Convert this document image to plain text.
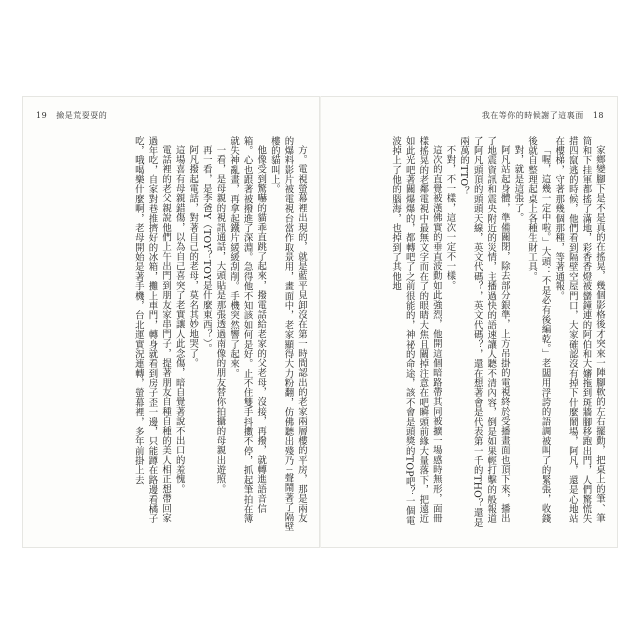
19 撿是荒耍耍的

方。電視螢幕裡出現的，就是藍平見卸沒在第一時間認出的老家兩層樓的平房，那是兩友的爆料影片被電視台當作取景用，畫面中，老家顯得大力粉翻，仿佛聽出殘乃ㄧ聲鬧著了隔壁樓的貓叫上。

他像受到驚嚇的貓乖直跳了起來，撥電話給老家的父老母，沒接，再撥，就轉進語音信箱。心也跟著被撥進了深淵。急得他不知該如何是好。止不住雙手抖擻不停，抓起筆拍在簿就失神亂畫，再拿起鐵片緩緩刮削。手機突然響了起來。

一看，是母親的視訊通話，大頭貼是那張透過南像的朋友替你拍攝的母親出遊照。

再一看，是李爸Y（TOY？TOY是什麼東西？）。

阿凡撥起電話，對著自己的老母，莫名其妙地哭了。

這場喜有母親錯傷，以為自己喜突了老實讓人此念傷，暗自覺著說不出口的羞愧。

電話裡的老父親說他們上午出門到朋友家串門子，提著朋友自種自種的美人相正想帶回家過年吃，自家對巷推擠好的冰箱，攤上車門，轉身就看到房子歪一邊，只能蹲在路邊看橘子吃，哦喝樂什麼啊，老母開始是著手機，台北運實況連轉，螢幕裡，多年前掛上去

我在等你的時候謝了這裏面 18

家鄉變腳下是不是真的在搖晃，幾個影格後才突來一陣腳軟的左右擺動，把桌上的筆、筆筒和下挂軍都搖了滿地，彩香香燈被蠻鐘連的阿伯和大嬸拖到斑牆腳移跑出門，人們驚慌失措四竄逃的時候，他們看到隔壁空屋門口，大家確認沒有掉下什麼鬧場，阿凡，還是心地站在樓梯，守著那幾個那種，等著通報。

「喔，這幾一定中啦。」大頭：不是必有後編乾。」老闆用浮誇的語調被叫了的緊張，收錢後就自整理起桌上各種生財工具。

對，就是這張了。

阿凡站起身體，準備關閉，除去部分銀準，上方吊掛的電視終於受播畫面也頂下來，播出了地震資訊和震央附近的災情，主播過快的語速讓人聽不清內容，倒是如果輕打擊的般報道了阿凡頭頂的頭頭天線，英文代碼？，英文代碼？，還在想著會是代表第一千的THO？還是兩萬的TTO？

不對，不一樣，這次一定不一樣。

這次的直覺被漢佛實的垂直波動如此強烈，他開這個暗路帶其同被擴一場感時無形，面冊樣搖晃的老鄰電視中最無文字而在了的眼睛大焦且關掉注意在吧瞬頭前緣大量落下，把遠近如此光吧著關爆爆的，都轉吧了之前很能的，神祕的命途，該不會是頭獎的TOP吧？一個電波掉上了他的腦海，也掉到了其他地
